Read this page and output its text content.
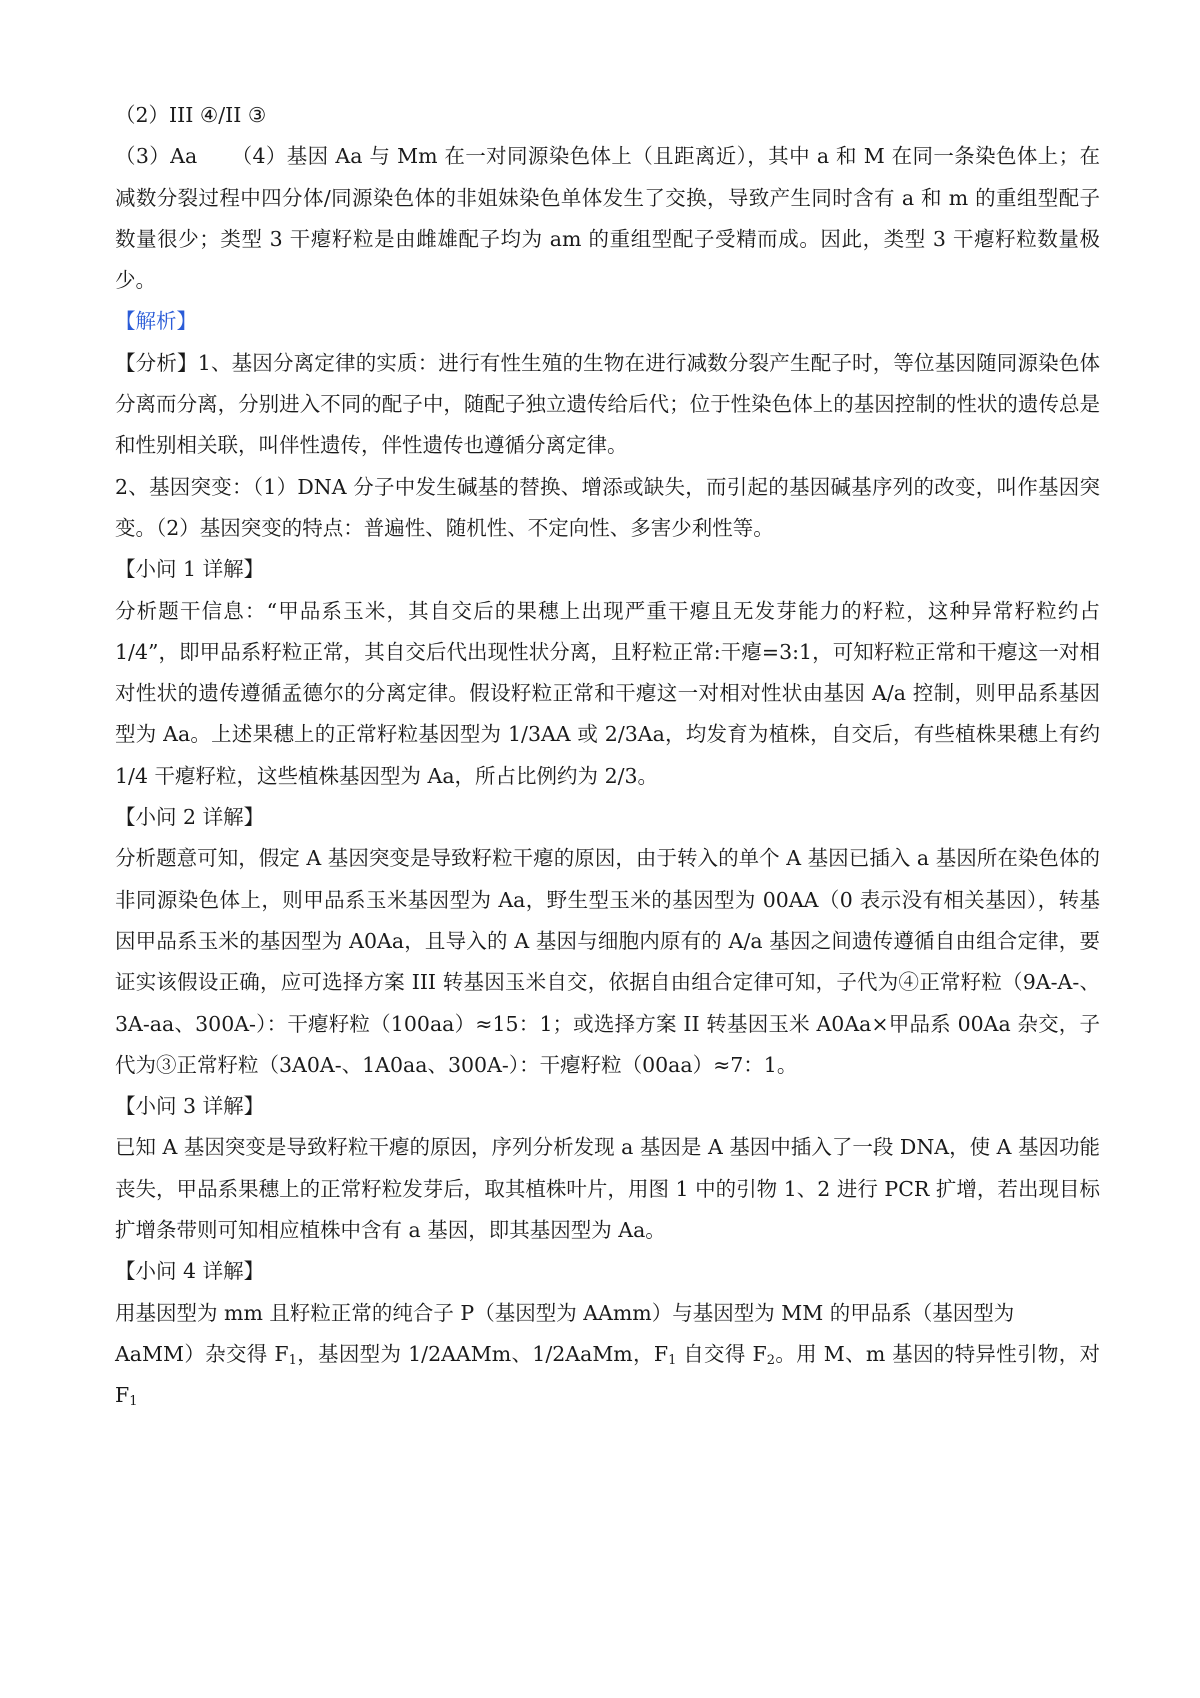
（2）III ④/II ③

（3）Aa （4）基因 Aa 与 Mm 在一对同源染色体上（且距离近），其中 a 和 M 在同一条染色体上；在减数分裂过程中四分体/同源染色体的非姐妹染色单体发生了交换，导致产生同时含有 a 和 m 的重组型配子数量很少；类型 3 干瘪籽粒是由雌雄配子均为 am 的重组型配子受精而成。因此，类型 3 干瘪籽粒数量极少。

【解析】

【分析】1、基因分离定律的实质：进行有性生殖的生物在进行减数分裂产生配子时，等位基因随同源染色体分离而分离，分别进入不同的配子中，随配子独立遗传给后代；位于性染色体上的基因控制的性状的遗传总是和性别相关联，叫伴性遗传，伴性遗传也遵循分离定律。

2、基因突变：（1）DNA 分子中发生碱基的替换、增添或缺失，而引起的基因碱基序列的改变，叫作基因突变。（2）基因突变的特点：普遍性、随机性、不定向性、多害少利性等。

【小问 1 详解】

分析题干信息：“甲品系玉米，其自交后的果穗上出现严重干瘪且无发芽能力的籽粒，这种异常籽粒约占 1/4”，即甲品系籽粒正常，其自交后代出现性状分离，且籽粒正常:干瘪=3:1，可知籽粒正常和干瘪这一对相对性状的遗传遵循孟德尔的分离定律。假设籽粒正常和干瘪这一对相对性状由基因 A/a 控制，则甲品系基因型为 Aa。上述果穗上的正常籽粒基因型为 1/3AA 或 2/3Aa，均发育为植株，自交后，有些植株果穗上有约 1/4 干瘪籽粒，这些植株基因型为 Aa，所占比例约为 2/3。

【小问 2 详解】

分析题意可知，假定 A 基因突变是导致籽粒干瘪的原因，由于转入的单个 A 基因已插入 a 基因所在染色体的非同源染色体上，则甲品系玉米基因型为 Aa，野生型玉米的基因型为 00AA（0 表示没有相关基因），转基因甲品系玉米的基因型为 A0Aa，且导入的 A 基因与细胞内原有的 A/a 基因之间遗传遵循自由组合定律，要证实该假设正确，应可选择方案 III 转基因玉米自交，依据自由组合定律可知，子代为④正常籽粒（9A-A-、3A-aa、300A-）：干瘪籽粒（100aa）≈15：1；或选择方案 II 转基因玉米 A0Aa×甲品系 00Aa 杂交，子代为③正常籽粒（3A0A-、1A0aa、300A-）：干瘪籽粒（00aa）≈7：1。

【小问 3 详解】

已知 A 基因突变是导致籽粒干瘪的原因，序列分析发现 a 基因是 A 基因中插入了一段 DNA，使 A 基因功能丧失，甲品系果穗上的正常籽粒发芽后，取其植株叶片，用图 1 中的引物 1、2 进行 PCR 扩增，若出现目标扩增条带则可知相应植株中含有 a 基因，即其基因型为 Aa。

【小问 4 详解】

用基因型为 mm 且籽粒正常的纯合子 P（基因型为 AAmm）与基因型为 MM 的甲品系（基因型为

AaMM）杂交得 $F_1$，基因型为 1/2AAMm、1/2AaMm，$F_1$ 自交得 $F_2$。用 M、m 基因的特异性引物，对 $F_1$
